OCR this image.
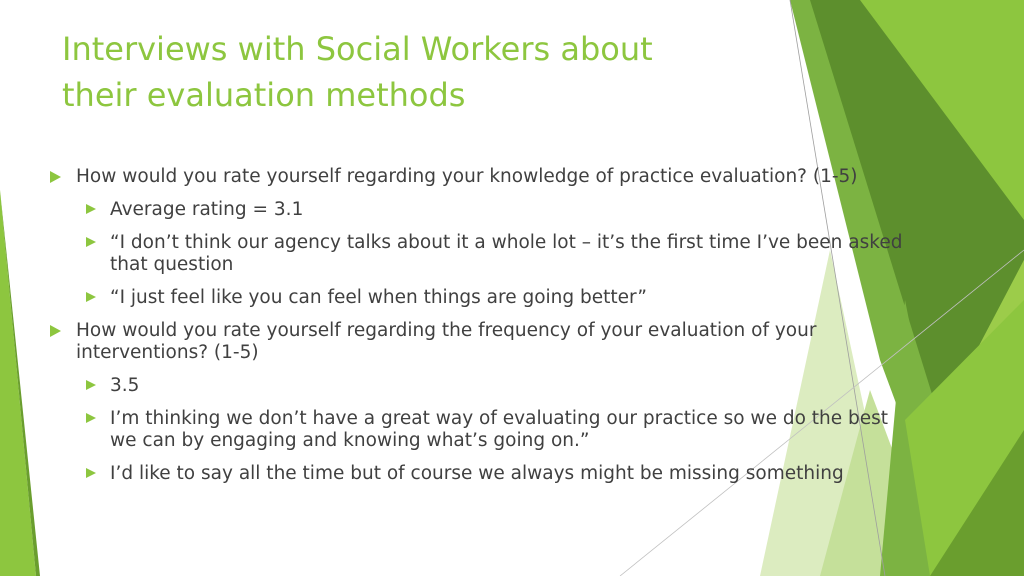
Interviews with Social Workers about
their evaluation methods
How would you rate yourself regarding your knowledge of practice evaluation? (1-5)
Average rating = 3.1
“I don’t think our agency talks about it a whole lot – it’s the first time I’ve been asked that question
“I just feel like you can feel when things are going better”
How would you rate yourself regarding the frequency of your evaluation of your interventions? (1-5)
3.5
I’m thinking we don’t have a great way of evaluating our practice so we do the best we can by engaging and knowing what’s going on.”
I’d like to say all the time but of course we always might be missing something
